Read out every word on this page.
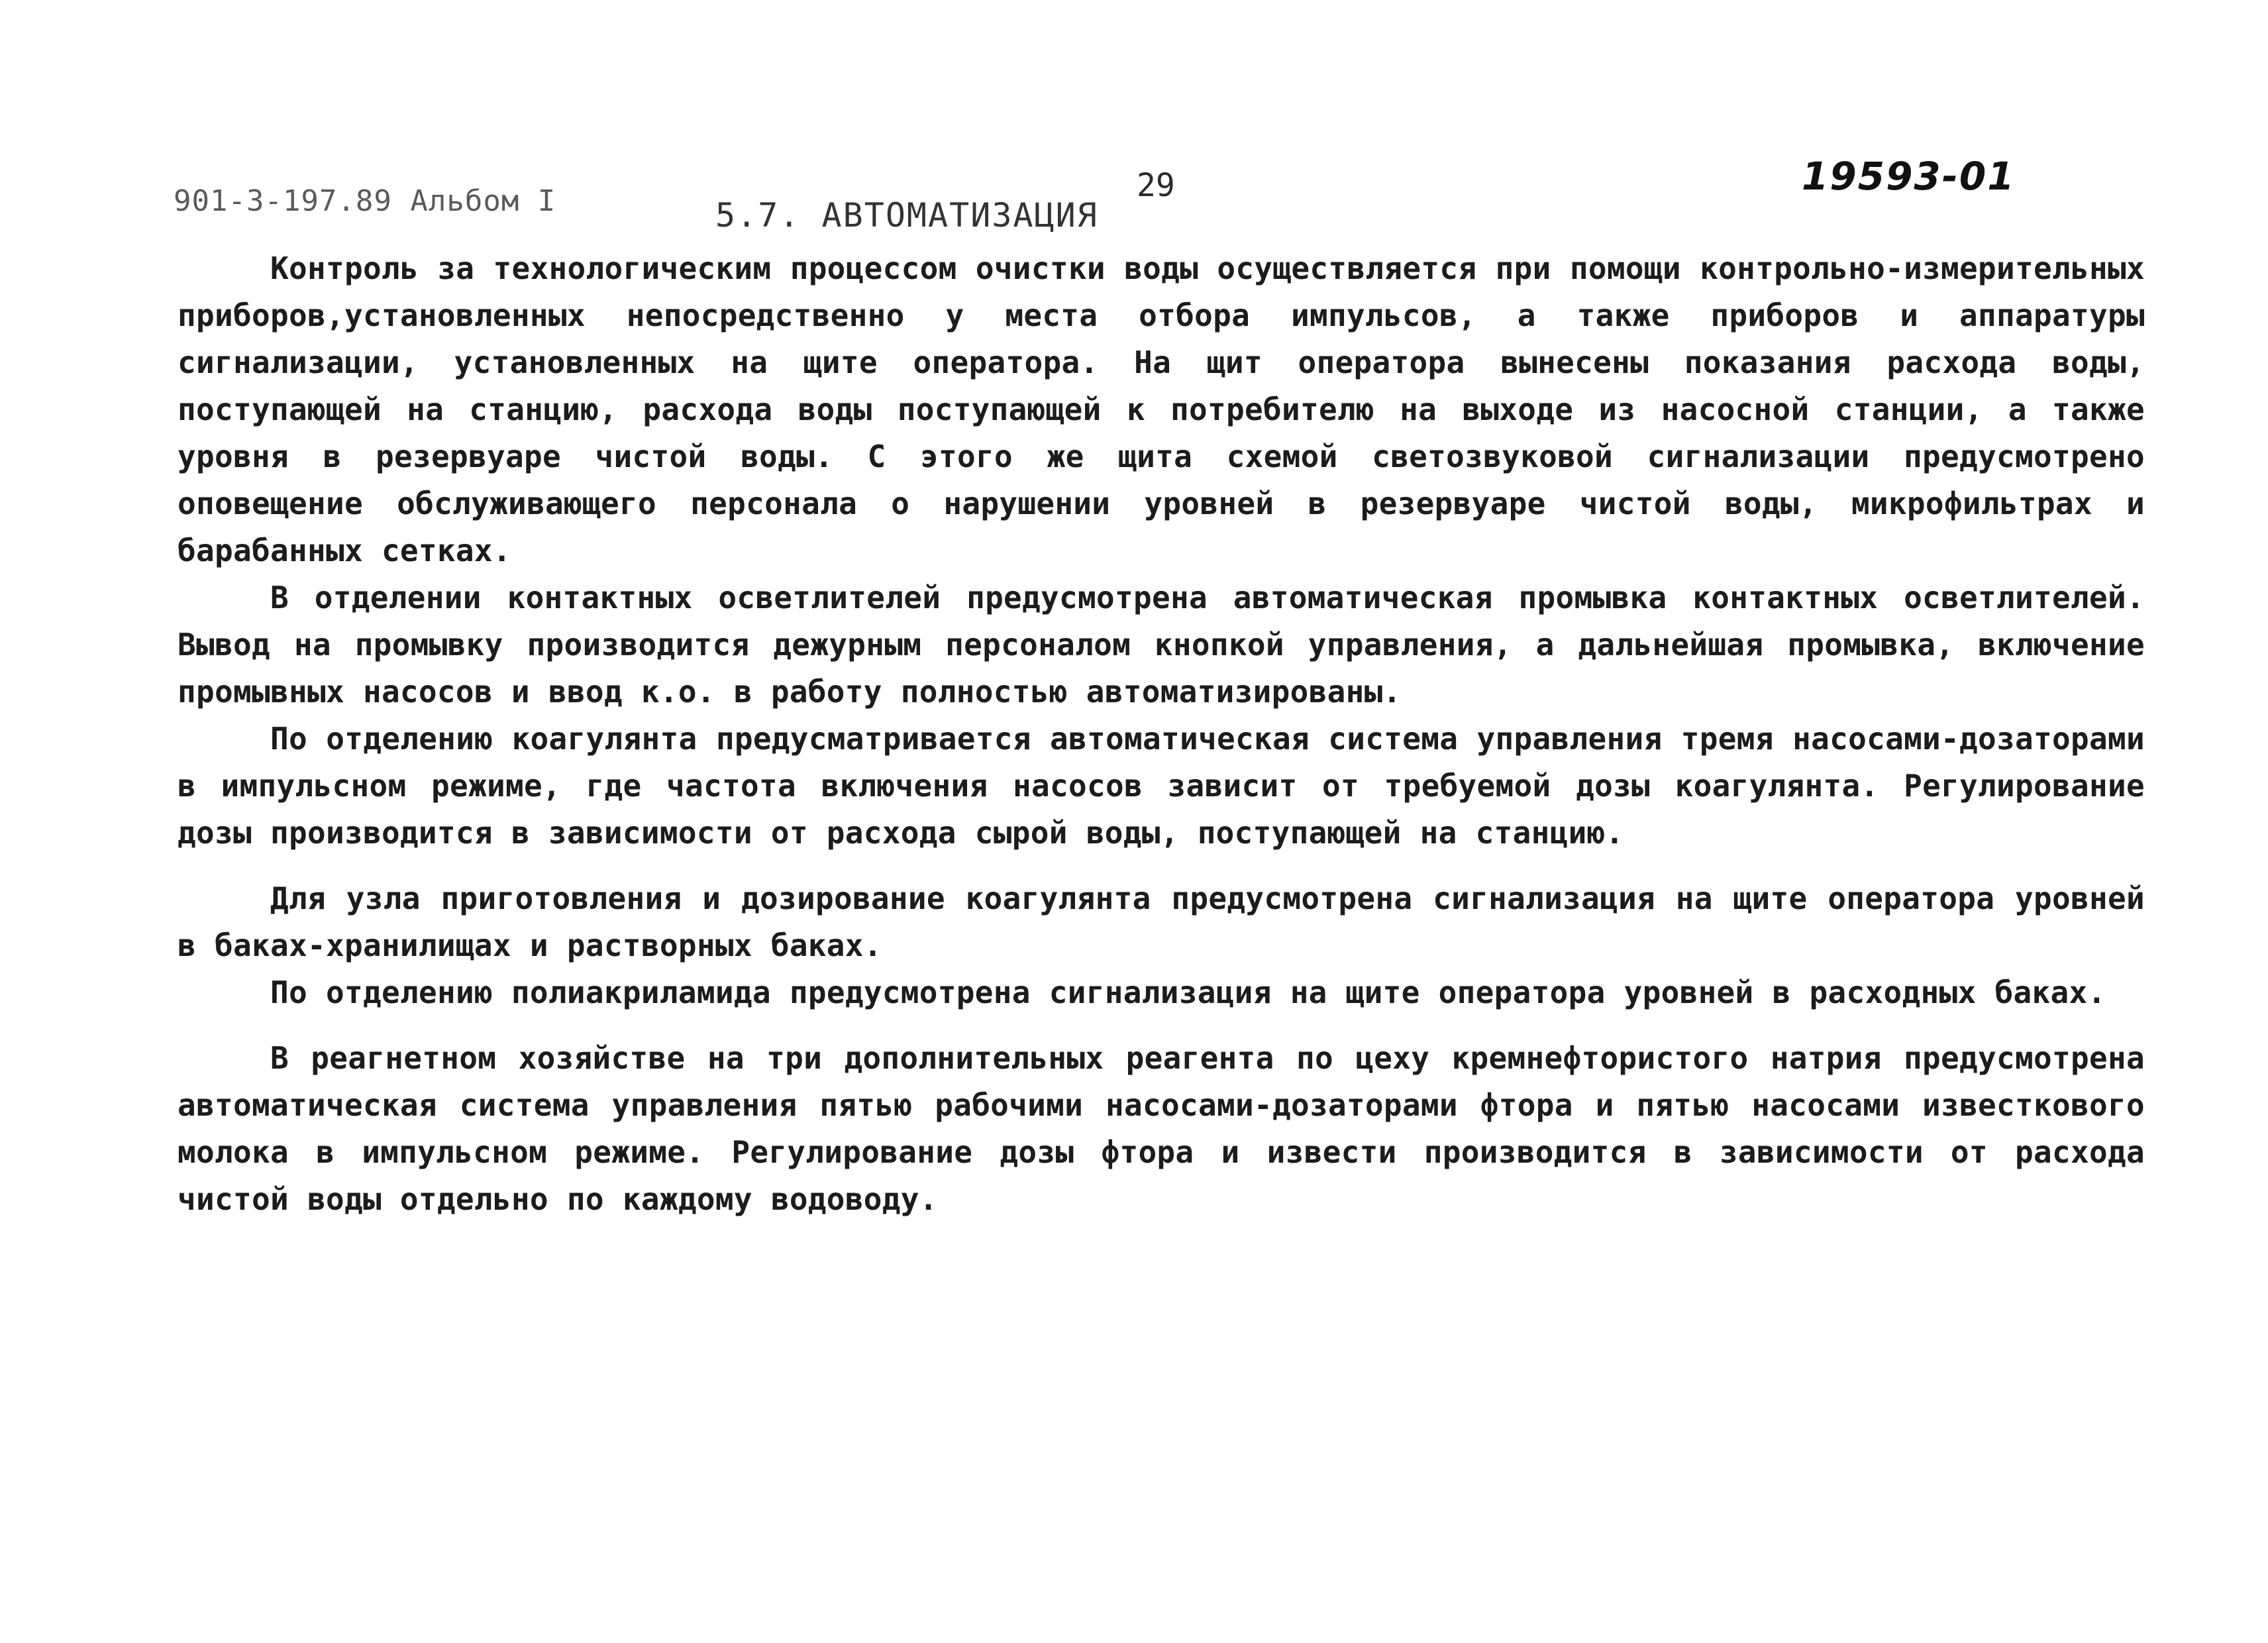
901-3-197.89 Альбом I	29	19593-01
5.7. АВТОМАТИЗАЦИЯ

Контроль за технологическим процессом очистки воды осуществляется при помощи контрольно-измерительных приборов,установленных непосредственно у места отбора импульсов, а также приборов и аппаратуры сигнализации, установленных на щите оператора. На щит оператора вынесены показания расхода воды, поступающей на станцию, расхода воды поступающей к потребителю на выходе из насосной станции, а также уровня в резервуаре чистой воды. С этого же щита схемой светозвуковой сигнализации предусмотрено оповещение обслуживающего персонала о нарушении уровней в резервуаре чистой воды, микрофильтрах и барабанных сетках.

В отделении контактных осветлителей предусмотрена автоматическая промывка контактных осветлителей. Вывод на промывку производится дежурным персоналом кнопкой управления, а дальнейшая промывка, включение промывных насосов и ввод к.о. в работу полностью автоматизированы.

По отделению коагулянта предусматривается автоматическая система управления тремя насосами-дозаторами в импульсном режиме, где частота включения насосов зависит от требуемой дозы коагулянта. Регулирование дозы производится в зависимости от расхода сырой воды, поступающей на станцию.

Для узла приготовления и дозирование коагулянта предусмотрена сигнализация на щите оператора уровней в баках-хранилищах и растворных баках.

По отделению полиакриламида предусмотрена сигнализация на щите оператора уровней в расходных баках.

В реагнетном хозяйстве на три дополнительных реагента по цеху кремнефтористого натрия предусмотрена автоматическая система управления пятью рабочими насосами-дозаторами фтора и пятью насосами известкового молока в импульсном режиме. Регулирование дозы фтора и извести производится в зависимости от расхода чистой воды отдельно по каждому водоводу.
